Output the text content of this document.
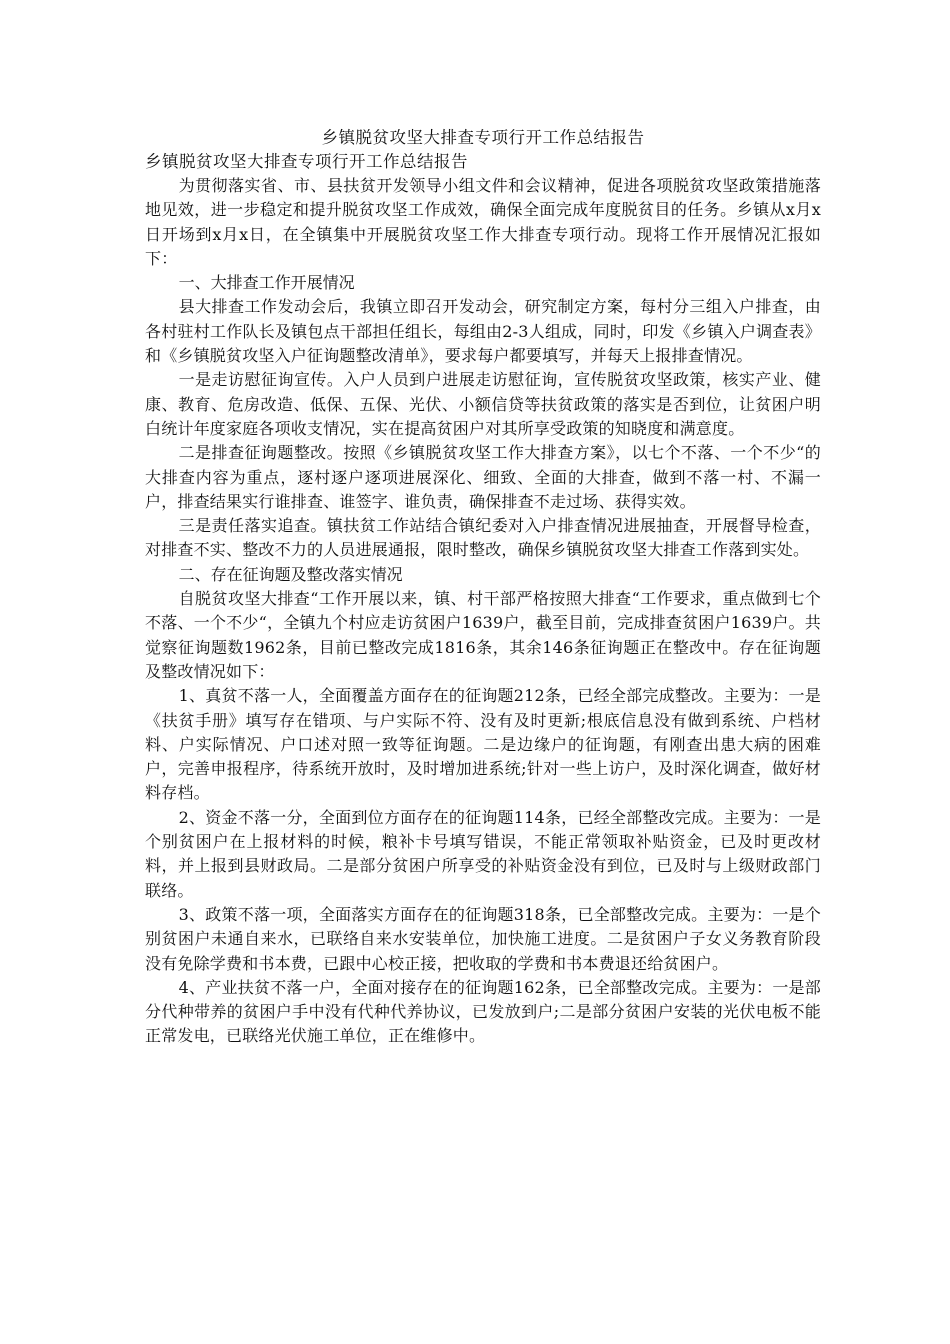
乡镇脱贫攻坚大排查专项行开工作总结报告

乡镇脱贫攻坚大排查专项行开工作总结报告

为贯彻落实省、市、县扶贫开发领导小组文件和会议精神，促进各项脱贫攻坚政策措施落地见效，进一步稳定和提升脱贫攻坚工作成效，确保全面完成年度脱贫目的任务。乡镇从x月x日开场到x月x日，在全镇集中开展脱贫攻坚工作大排查专项行动。现将工作开展情况汇报如下：

一、大排查工作开展情况

县大排查工作发动会后，我镇立即召开发动会，研究制定方案，每村分三组入户排查，由各村驻村工作队长及镇包点干部担任组长，每组由2-3人组成，同时，印发《乡镇入户调查表》和《乡镇脱贫攻坚入户征询题整改清单》，要求每户都要填写，并每天上报排查情况。

一是走访慰征询宣传。入户人员到户进展走访慰征询，宣传脱贫攻坚政策，核实产业、健康、教育、危房改造、低保、五保、光伏、小额信贷等扶贫政策的落实是否到位，让贫困户明白统计年度家庭各项收支情况，实在提高贫困户对其所享受政策的知晓度和满意度。

二是排查征询题整改。按照《乡镇脱贫攻坚工作大排查方案》，以七个不落、一个不少“的大排查内容为重点，逐村逐户逐项进展深化、细致、全面的大排查，做到不落一村、不漏一户，排查结果实行谁排查、谁签字、谁负责，确保排查不走过场、获得实效。

三是责任落实追查。镇扶贫工作站结合镇纪委对入户排查情况进展抽查，开展督导检查，对排查不实、整改不力的人员进展通报，限时整改，确保乡镇脱贫攻坚大排查工作落到实处。

二、存在征询题及整改落实情况

自脱贫攻坚大排查“工作开展以来，镇、村干部严格按照大排查“工作要求，重点做到七个不落、一个不少“，全镇九个村应走访贫困户1639户，截至目前，完成排查贫困户1639户。共觉察征询题数1962条，目前已整改完成1816条，其余146条征询题正在整改中。存在征询题及整改情况如下：

1、真贫不落一人，全面覆盖方面存在的征询题212条，已经全部完成整改。主要为：一是《扶贫手册》填写存在错项、与户实际不符、没有及时更新;根底信息没有做到系统、户档材料、户实际情况、户口述对照一致等征询题。二是边缘户的征询题，有刚查出患大病的困难户，完善申报程序，待系统开放时，及时增加进系统;针对一些上访户，及时深化调查，做好材料存档。

2、资金不落一分，全面到位方面存在的征询题114条，已经全部整改完成。主要为：一是个别贫困户在上报材料的时候，粮补卡号填写错误，不能正常领取补贴资金，已及时更改材料，并上报到县财政局。二是部分贫困户所享受的补贴资金没有到位，已及时与上级财政部门联络。

3、政策不落一项，全面落实方面存在的征询题318条，已全部整改完成。主要为：一是个别贫困户未通自来水，已联络自来水安装单位，加快施工进度。二是贫困户子女义务教育阶段没有免除学费和书本费，已跟中心校正接，把收取的学费和书本费退还给贫困户。

4、产业扶贫不落一户，全面对接存在的征询题162条，已全部整改完成。主要为：一是部分代种带养的贫困户手中没有代种代养协议，已发放到户;二是部分贫困户安装的光伏电板不能正常发电，已联络光伏施工单位，正在维修中。
